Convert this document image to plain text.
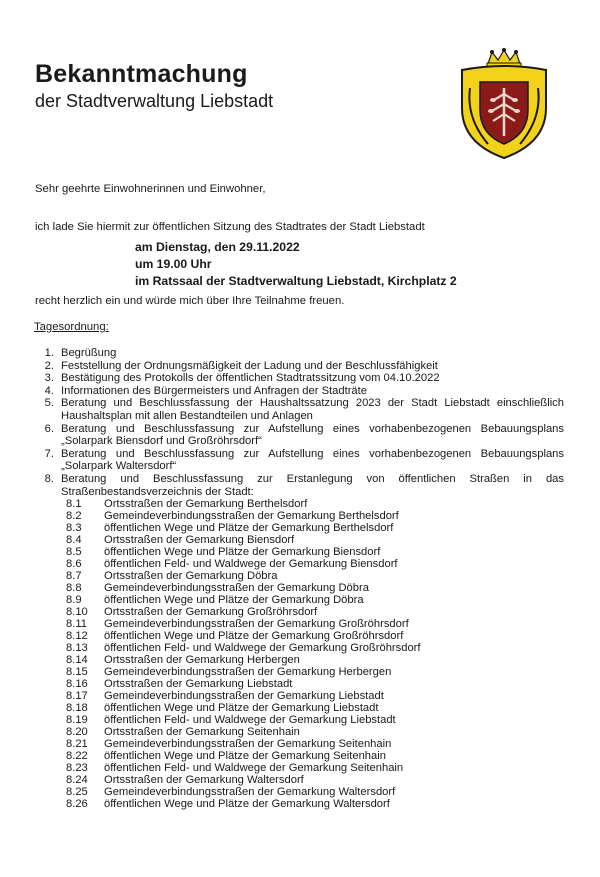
Bekanntmachung
der Stadtverwaltung Liebstadt
Sehr geehrte Einwohnerinnen und Einwohner,
ich lade Sie hiermit zur öffentlichen Sitzung des Stadtrates der Stadt Liebstadt
am Dienstag, den 29.11.2022
um 19.00 Uhr
im Ratssaal der Stadtverwaltung Liebstadt, Kirchplatz 2
recht herzlich ein und würde mich über Ihre Teilnahme freuen.
Tagesordnung:
1. Begrüßung
2. Feststellung der Ordnungsmäßigkeit der Ladung und der Beschlussfähigkeit
3. Bestätigung des Protokolls der öffentlichen Stadtratssitzung vom 04.10.2022
4. Informationen des Bürgermeisters und Anfragen der Stadträte
5. Beratung und Beschlussfassung der Haushaltssatzung 2023 der Stadt Liebstadt einschließlich Haushaltsplan mit allen Bestandteilen und Anlagen
6. Beratung und Beschlussfassung zur Aufstellung eines vorhabenbezogenen Bebauungsplans „Solarpark Biensdorf und Großröhrsdorf“
7. Beratung und Beschlussfassung zur Aufstellung eines vorhabenbezogenen Bebauungsplans „Solarpark Waltersdorf“
8. Beratung und Beschlussfassung zur Erstanlegung von öffentlichen Straßen in das Straßenbestandsverzeichnis der Stadt:
8.1	Ortsstraßen der Gemarkung Berthelsdorf
8.2	Gemeindeverbindungsstraßen der Gemarkung Berthelsdorf
8.3	öffentlichen Wege und Plätze der Gemarkung Berthelsdorf
8.4	Ortsstraßen der Gemarkung Biensdorf
8.5	öffentlichen Wege und Plätze der Gemarkung Biensdorf
8.6	öffentlichen Feld- und Waldwege der Gemarkung Biensdorf
8.7	Ortsstraßen der Gemarkung Döbra
8.8	Gemeindeverbindungsstraßen der Gemarkung Döbra
8.9	öffentlichen Wege und Plätze der Gemarkung Döbra
8.10	Ortsstraßen der Gemarkung Großröhrsdorf
8.11	Gemeindeverbindungsstraßen der Gemarkung Großröhrsdorf
8.12	öffentlichen Wege und Plätze der Gemarkung Großröhrsdorf
8.13	öffentlichen Feld- und Waldwege der Gemarkung Großröhrsdorf
8.14	Ortsstraßen der Gemarkung Herbergen
8.15	Gemeindeverbindungsstraßen der Gemarkung Herbergen
8.16	Ortsstraßen der Gemarkung Liebstadt
8.17	Gemeindeverbindungsstraßen der Gemarkung Liebstadt
8.18	öffentlichen Wege und Plätze der Gemarkung Liebstadt
8.19	öffentlichen Feld- und Waldwege der Gemarkung Liebstadt
8.20	Ortsstraßen der Gemarkung Seitenhain
8.21	Gemeindeverbindungsstraßen der Gemarkung Seitenhain
8.22	öffentlichen Wege und Plätze der Gemarkung Seitenhain
8.23	öffentlichen Feld- und Waldwege der Gemarkung Seitenhain
8.24	Ortsstraßen der Gemarkung Waltersdorf
8.25	Gemeindeverbindungsstraßen der Gemarkung Waltersdorf
8.26	öffentlichen Wege und Plätze der Gemarkung Waltersdorf
